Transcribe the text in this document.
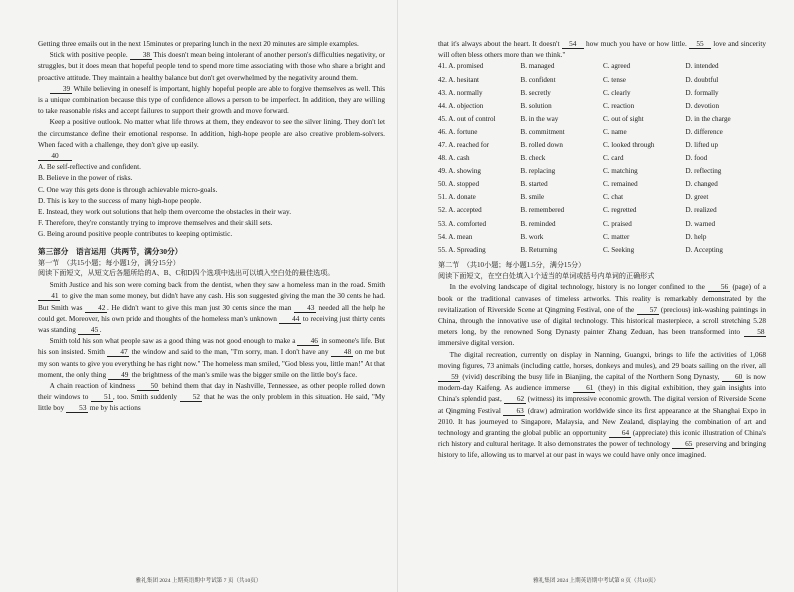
Getting three emails out in the next 15minutes or preparing lunch in the next 20 minutes are simple examples.

Stick with positive people. 38 This doesn't mean being intolerant of another person's difficulties negativity, or struggles, but it does mean that hopeful people tend to spend more time associating with those who share a bright and proactive attitude. They maintain a healthy balance but don't get overwhelmed by the negativity around them.

39 While believing in oneself is important, highly hopeful people are able to forgive themselves as well. This is a unique combination because this type of confidence allows a person to be imperfect. In addition, they are willing to take reasonable risks and accept failures to support their growth and move forward.

Keep a positive outlook. No matter what life throws at them, they endeavor to see the silver lining. They don't let the circumstance define their emotional response. In addition, high-hope people are also creative problem-solvers. When faced with a challenge, they don't give up easily.

40

A. Be self-reflective and confident.

B. Believe in the power of risks.

C. One way this gets done is through achievable micro-goals.

D. This is key to the success of many high-hope people.

E. Instead, they work out solutions that help them overcome the obstacles in their way.

F. Therefore, they're constantly trying to improve themselves and their skill sets.

G. Being around positive people contributes to keeping optimistic.

第三部分　语言运用（共两节，满分30分）

第一节　（共15小题；每小题1分，满分15分）

阅读下面短文，从短文后各题所给的A、B、C和D四个选项中选出可以填入空白处的最佳选项。

Smith Justice and his son were coming back from the dentist, when they saw a homeless man in the road. Smith 41 to give the man some money, but didn't have any cash. His son suggested giving the man the 30 cents he had. But Smith was 42 . He didn't want to give this man just 30 cents since the man 43 needed all the help he could get. Moreover, his own pride and thoughts of the homeless man's unknown 44 to receiving just thirty cents was standing 45 .

Smith told his son what people saw as a good thing was not good enough to make a 46 in someone's life. But his son insisted. Smith 47 the window and said to the man, "I'm sorry, man. I don't have any 48 on me but my son wants to give you everything he has right now." The homeless man smiled, "God bless you, little man!" At that moment, the only thing 49 the brightness of the man's smile was the bigger smile on the little boy's face.

A chain reaction of kindness 50 behind them that day in Nashville, Tennessee, as other people rolled down their windows to 51 , too. Smith suddenly 52 that he was the only problem in this situation. He said, "My little boy 53 me by his actions

雅礼集团 2024 上期英语期中考试第 7 页（共10页）

that it's always about the heart. It doesn't 54 how much you have or how little. 55 love and sincerity will often bless others more than we think."

41. A. promised	B. managed	C. agreed	D. intended
42. A. hesitant	B. confident	C. tense	D. doubtful
43. A. normally	B. secretly	C. clearly	D. formally
44. A. objection	B. solution	C. reaction	D. devotion
45. A. out of control	B. in the way	C. out of sight	D. in the charge
46. A. fortune	B. commitment	C. name	D. difference
47. A. reached for	B. rolled down	C. looked through	D. lifted up
48. A. cash	B. check	C. card	D. food
49. A. showing	B. replacing	C. matching	D. reflecting
50. A. stopped	B. started	C. remained	D. changed
51. A. donate	B. smile	C. chat	D. greet
52. A. accepted	B. remembered	C. regretted	D. realized
53. A. comforted	B. reminded	C. praised	D. warned
54. A. mean	B. work	C. matter	D. help
55. A. Spreading	B. Returning	C. Seeking	D. Accepting

第二节　（共10小题；每小题1.5分，满分15分）

阅读下面短文，在空白处填入1个适当的单词或括号内单词的正确形式

In the evolving landscape of digital technology, history is no longer confined to the 56 (page) of a book or the traditional canvases of timeless artworks. This reality is remarkably demonstrated by the revitalization of Riverside Scene at Qingming Festival, one of the 57 (precious) ink-washing paintings in China, through the innovative use of digital technology. This historical masterpiece, a scroll stretching 5.28 meters long, by the renowned Song Dynasty painter Zhang Zeduan, has been transformed into 58 immersive digital version.

The digital recreation, currently on display in Nanning, Guangxi, brings to life the activities of 1,068 moving figures, 73 animals (including cattle, horses, donkeys and mules), and 29 boats sailing on the river, all 59 (vivid) describing the busy life in Bianjing, the capital of the Northern Song Dynasty, 60 is now modern-day Kaifeng. As audience immerse 61 (they) in this digital exhibition, they gain insights into China's splendid past, 62 (witness) its impressive economic growth. The digital version of Riverside Scene at Qingming Festival 63 (draw) admiration worldwide since its first appearance at the Shanghai Expo in 2010. It has journeyed to Singapore, Malaysia, and New Zealand, displaying the combination of art and technology and granting the global public an opportunity 64 (appreciate) this iconic illustration of China's rich history and cultural heritage. It also demonstrates the power of technology 65 preserving and bringing history to life, allowing us to marvel at our past in ways we could have only once imagined.

雅礼集团 2024 上期英语期中考试第 8 页（共10页）
